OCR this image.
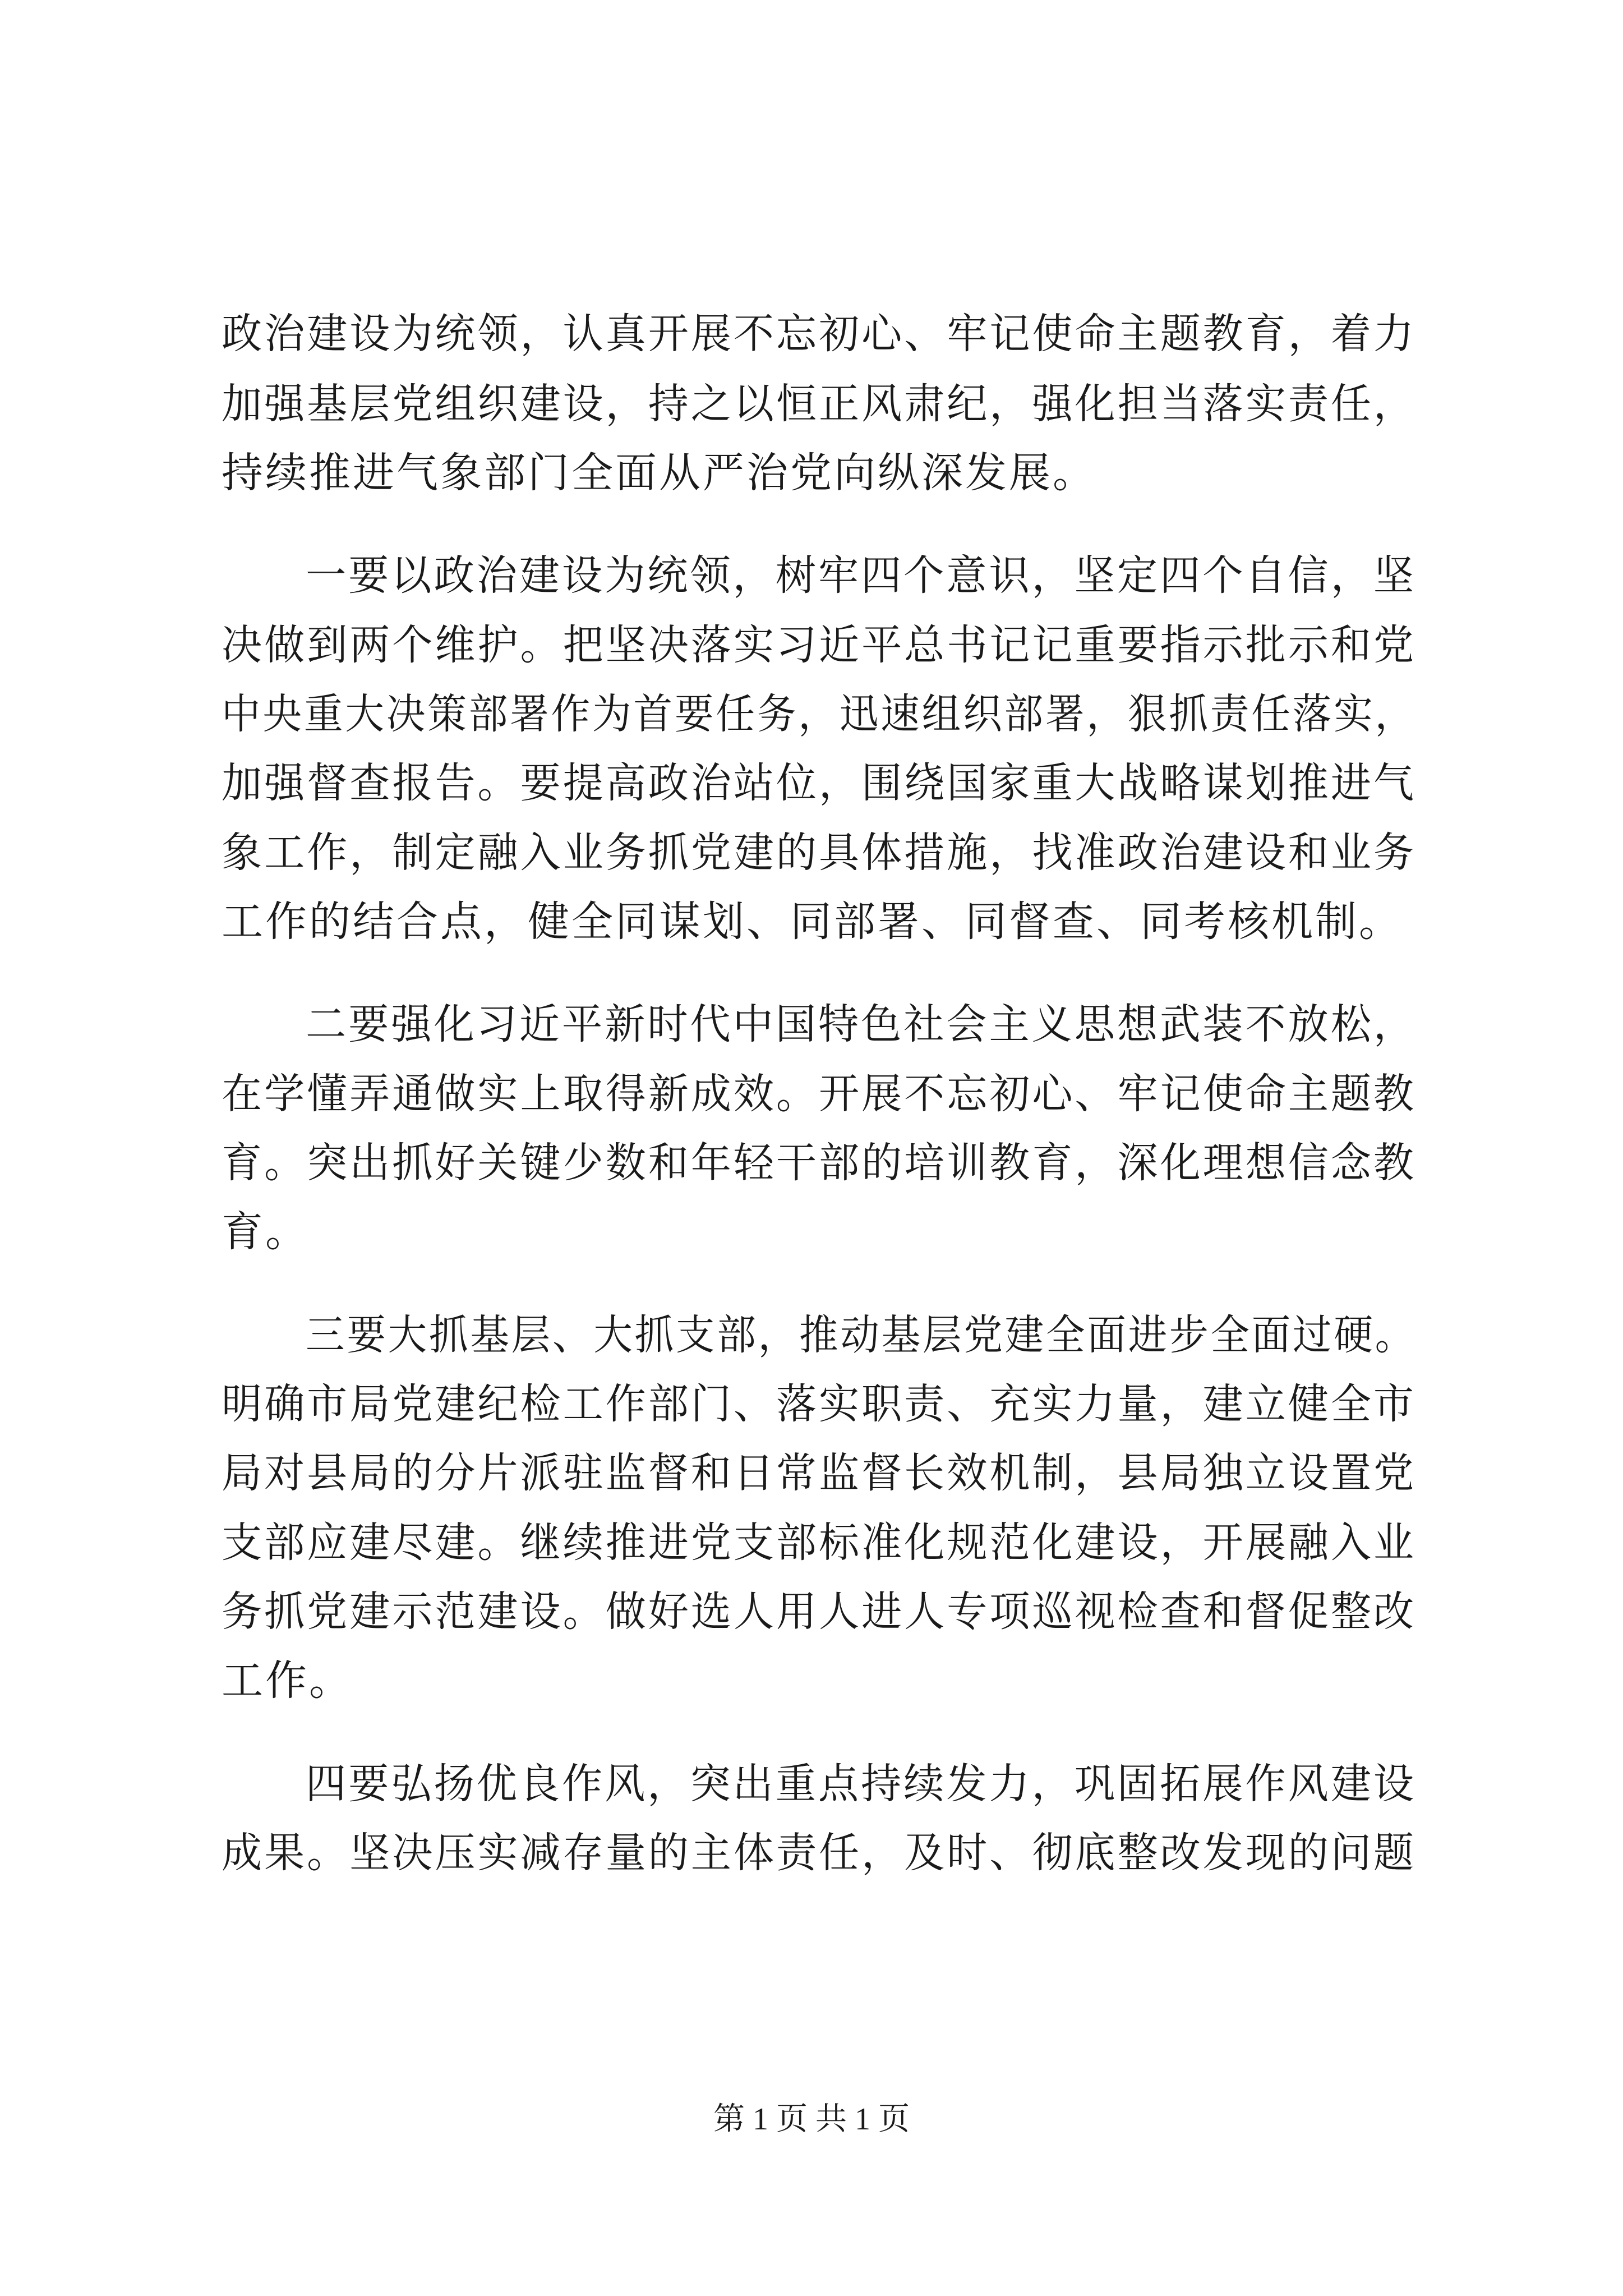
政治建设为统领，认真开展不忘初心、牢记使命主题教育，着力

加强基层党组织建设，持之以恒正风肃纪，强化担当落实责任，

持续推进气象部门全面从严治党向纵深发展。

一要以政治建设为统领，树牢四个意识，坚定四个自信，坚

决做到两个维护。把坚决落实习近平总书记记重要指示批示和党

中央重大决策部署作为首要任务，迅速组织部署，狠抓责任落实，

加强督查报告。要提高政治站位，围绕国家重大战略谋划推进气

象工作，制定融入业务抓党建的具体措施，找准政治建设和业务

工作的结合点，健全同谋划、同部署、同督查、同考核机制。

二要强化习近平新时代中国特色社会主义思想武装不放松，

在学懂弄通做实上取得新成效。开展不忘初心、牢记使命主题教

育。突出抓好关键少数和年轻干部的培训教育，深化理想信念教

育。

三要大抓基层、大抓支部，推动基层党建全面进步全面过硬。

明确市局党建纪检工作部门、落实职责、充实力量，建立健全市

局对县局的分片派驻监督和日常监督长效机制，县局独立设置党

支部应建尽建。继续推进党支部标准化规范化建设，开展融入业

务抓党建示范建设。做好选人用人进人专项巡视检查和督促整改

工作。

四要弘扬优良作风，突出重点持续发力，巩固拓展作风建设

成果。坚决压实减存量的主体责任，及时、彻底整改发现的问题

第 1 页 共 1 页
